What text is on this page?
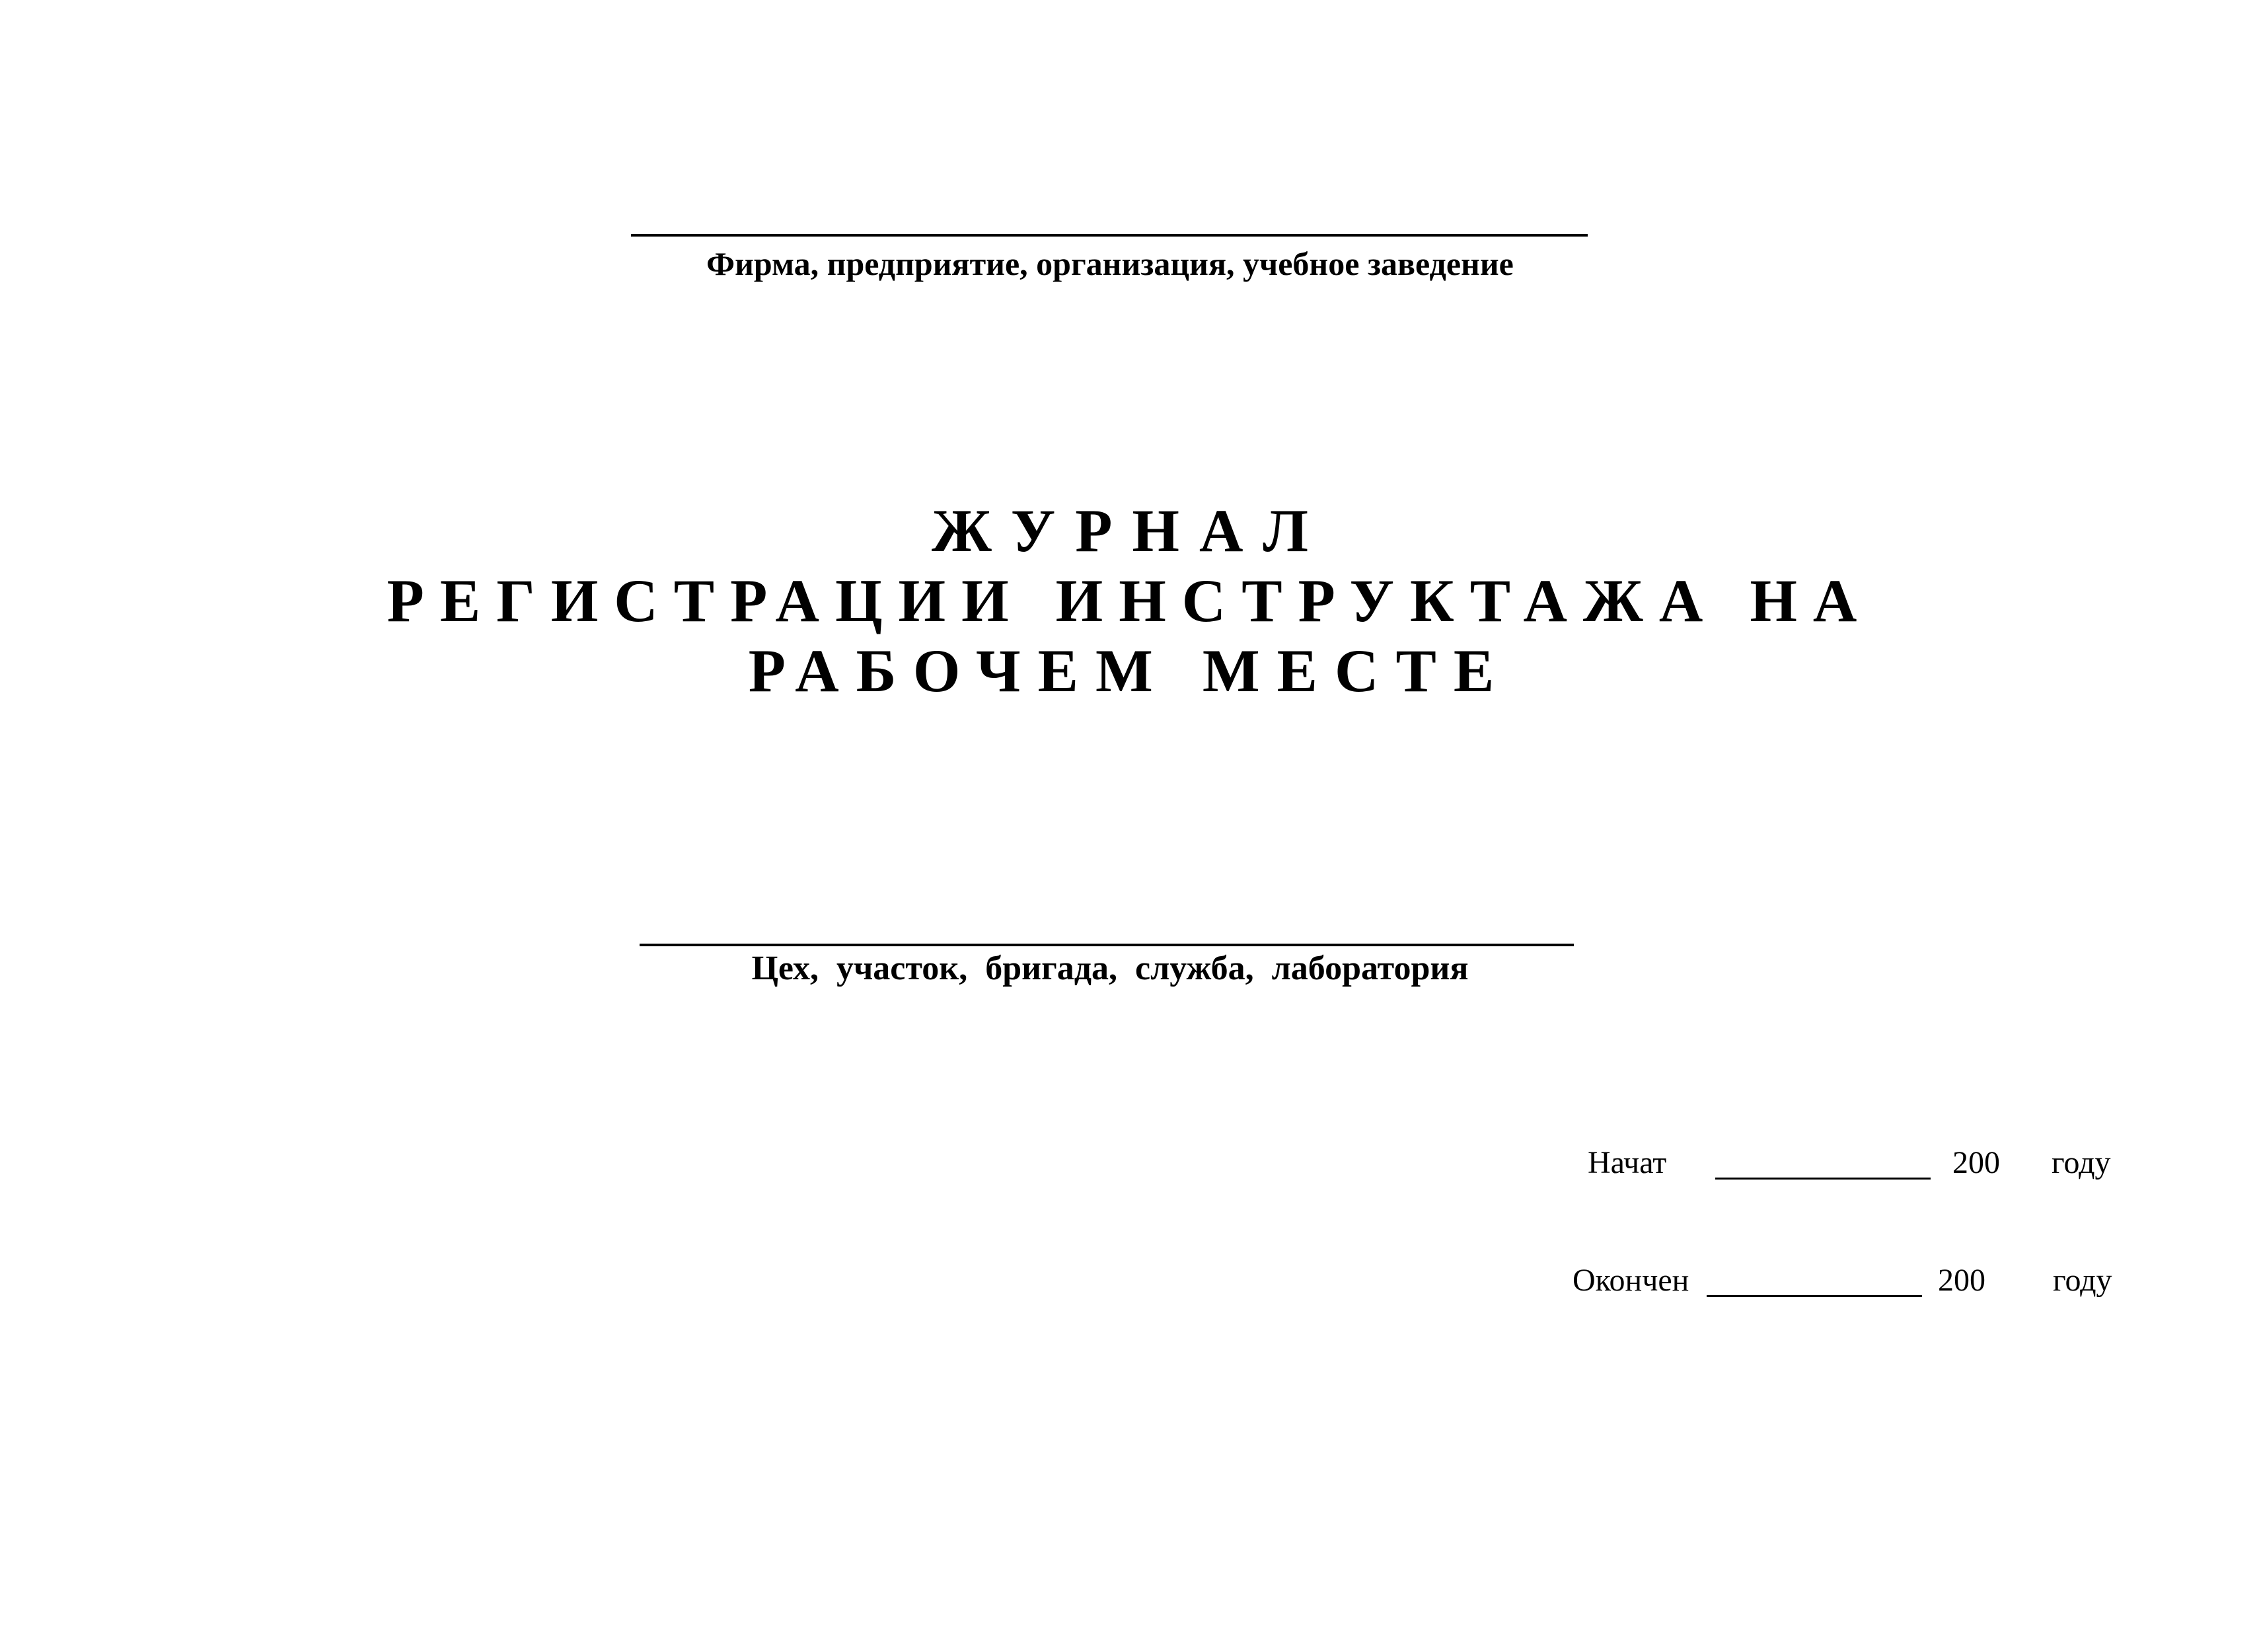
Фирма, предприятие, организация, учебное заведение
ЖУРНАЛ
РЕГИСТРАЦИИ ИНСТРУКТАЖА НА
РАБОЧЕМ МЕСТЕ
Цех, участок, бригада, служба, лаборатория
Начат	200 году
Окончен	200 году
